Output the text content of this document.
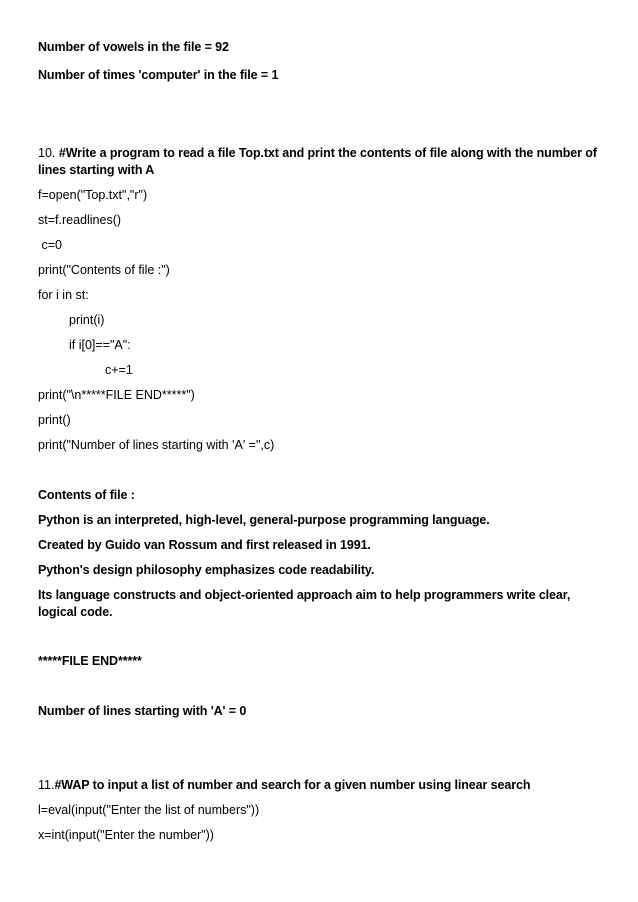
Number of vowels in the file = 92
Number of times 'computer' in the file = 1
10. #Write a program to read a file Top.txt and print the contents of file along with the number of lines starting with A
f=open("Top.txt","r")
st=f.readlines()
c=0
print("Contents of file :")
for i in st:
print(i)
if i[0]=="A":
c+=1
print("\n*****FILE END*****")
print()
print("Number of lines starting with 'A' =",c)
Contents of file :
Python is an interpreted, high-level, general-purpose programming language.
Created by Guido van Rossum and first released in 1991.
Python's design philosophy emphasizes code readability.
Its language constructs and object-oriented approach aim to help programmers write clear, logical code.
*****FILE END*****
Number of lines starting with 'A' = 0
11.#WAP to input a list of number and search for a given number using linear search
l=eval(input("Enter the list of numbers"))
x=int(input("Enter the number"))
